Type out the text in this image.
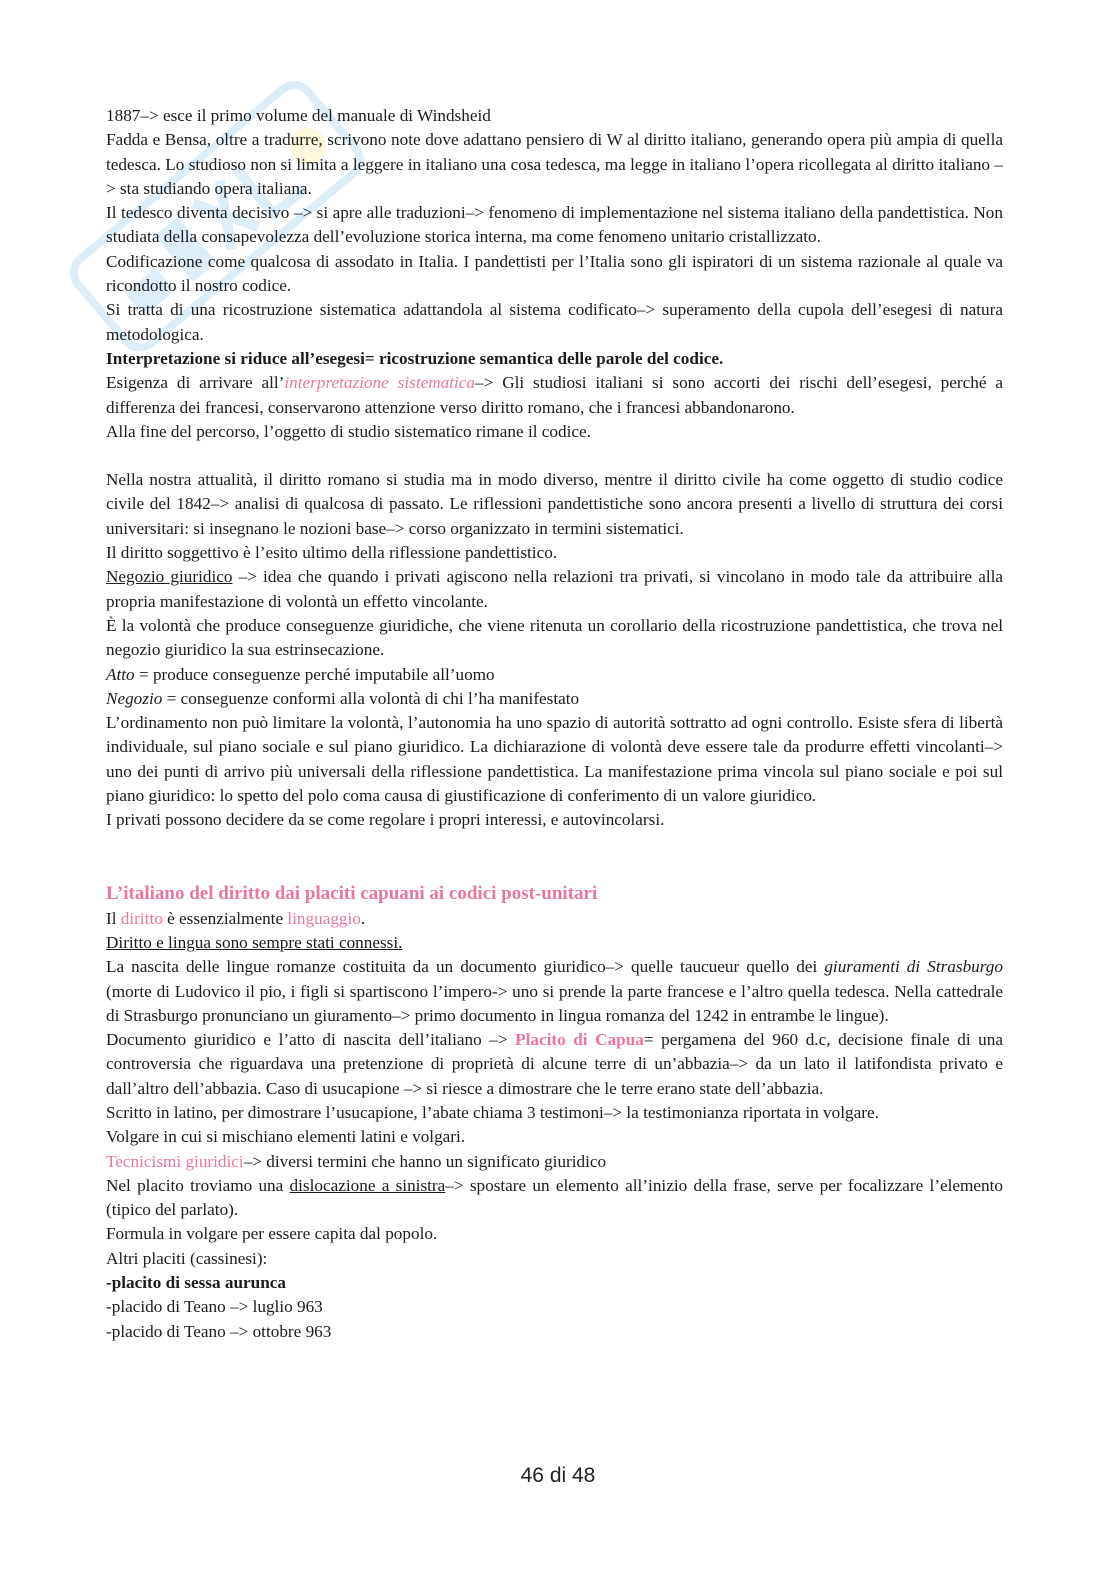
1887–> esce il primo volume del manuale di Windsheid

Fadda e Bensa, oltre a tradurre, scrivono note dove adattano pensiero di W al diritto italiano, generando opera più ampia di quella tedesca. Lo studioso non si limita a leggere in italiano una cosa tedesca, ma legge in italiano l’opera ricollegata al diritto italiano –> sta studiando opera italiana.

Il tedesco diventa decisivo –> si apre alle traduzioni–> fenomeno di implementazione nel sistema italiano della pandettistica. Non studiata della consapevolezza dell’evoluzione storica interna, ma come fenomeno unitario cristallizzato.

Codificazione come qualcosa di assodato in Italia. I pandettisti per l’Italia sono gli ispiratori di un sistema razionale al quale va ricondotto il nostro codice.

Si tratta di una ricostruzione sistematica adattandola al sistema codificato–> superamento della cupola dell’esegesi di natura metodologica.

Interpretazione si riduce all’esegesi= ricostruzione semantica delle parole del codice.

Esigenza di arrivare all’interpretazione sistematica–> Gli studiosi italiani si sono accorti dei rischi dell’esegesi, perché a differenza dei francesi, conservarono attenzione verso diritto romano, che i francesi abbandonarono.

Alla fine del percorso, l’oggetto di studio sistematico rimane il codice.

Nella nostra attualità, il diritto romano si studia ma in modo diverso, mentre il diritto civile ha come oggetto di studio codice civile del 1842–> analisi di qualcosa di passato. Le riflessioni pandettistiche sono ancora presenti a livello di struttura dei corsi universitari: si insegnano le nozioni base–> corso organizzato in termini sistematici.

Il diritto soggettivo è l’esito ultimo della riflessione pandettistico.

Negozio giuridico –> idea che quando i privati agiscono nella relazioni tra privati, si vincolano in modo tale da attribuire alla propria manifestazione di volontà un effetto vincolante.

È la volontà che produce conseguenze giuridiche, che viene ritenuta un corollario della ricostruzione pandettistica, che trova nel negozio giuridico la sua estrinsecazione.

Atto = produce conseguenze perché imputabile all’uomo

Negozio = conseguenze conformi alla volontà di chi l’ha manifestato

L’ordinamento non può limitare la volontà, l’autonomia ha uno spazio di autorità sottratto ad ogni controllo. Esiste sfera di libertà individuale, sul piano sociale e sul piano giuridico. La dichiarazione di volontà deve essere tale da produrre effetti vincolanti–> uno dei punti di arrivo più universali della riflessione pandettistica. La manifestazione prima vincola sul piano sociale e poi sul piano giuridico: lo spetto del polo coma causa di giustificazione di conferimento di un valore giuridico.

I privati possono decidere da se come regolare i propri interessi, e autovincolarsi.

L’italiano del diritto dai placiti capuani ai codici post-unitari

Il diritto è essenzialmente linguaggio.

Diritto e lingua sono sempre stati connessi.

La nascita delle lingue romanze costituita da un documento giuridico–> quelle taucueur quello dei giuramenti di Strasburgo (morte di Ludovico il pio, i figli si spartiscono l’impero-> uno si prende la parte francese e l’altro quella tedesca. Nella cattedrale di Strasburgo pronunciano un giuramento–> primo documento in lingua romanza del 1242 in entrambe le lingue).

Documento giuridico e l’atto di nascita dell’italiano –> Placito di Capua= pergamena del 960 d.c, decisione finale di una controversia che riguardava una pretenzione di proprietà di alcune terre di un’abbazia–> da un lato il latifondista privato e dall’altro dell’abbazia. Caso di usucapione –> si riesce a dimostrare che le terre erano state dell’abbazia.

Scritto in latino, per dimostrare l’usucapione, l’abate chiama 3 testimoni–> la testimonianza riportata in volgare.

Volgare in cui si mischiano elementi latini e volgari.

Tecnicismi giuridici–> diversi termini che hanno un significato giuridico

Nel placito troviamo una dislocazione a sinistra–> spostare un elemento all’inizio della frase, serve per focalizzare l’elemento (tipico del parlato).

Formula in volgare per essere capita dal popolo.

Altri placiti (cassinesi):

-placito di sessa aurunca

-placido di Teano –> luglio 963

-placido di Teano –> ottobre 963

46 di 48
